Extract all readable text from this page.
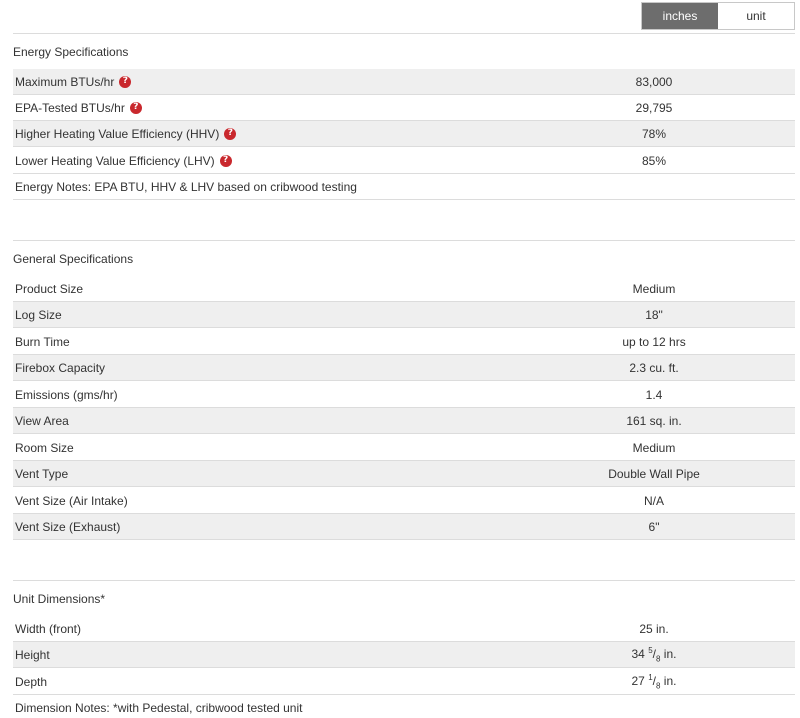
inches	unit
Energy Specifications
Maximum BTUs/hr ?	83,000
EPA-Tested BTUs/hr ?	29,795
Higher Heating Value Efficiency (HHV) ?	78%
Lower Heating Value Efficiency (LHV) ?	85%
Energy Notes: EPA BTU, HHV & LHV based on cribwood testing
General Specifications
Product Size	Medium
Log Size	18"
Burn Time	up to 12 hrs
Firebox Capacity	2.3 cu. ft.
Emissions (gms/hr)	1.4
View Area	161 sq. in.
Room Size	Medium
Vent Type	Double Wall Pipe
Vent Size (Air Intake)	N/A
Vent Size (Exhaust)	6"
Unit Dimensions*
Width (front)	25 in.
Height	34 $^5/_8$ in.
Depth	27 $^1/_8$ in.
Dimension Notes: *with Pedestal, cribwood tested unit
